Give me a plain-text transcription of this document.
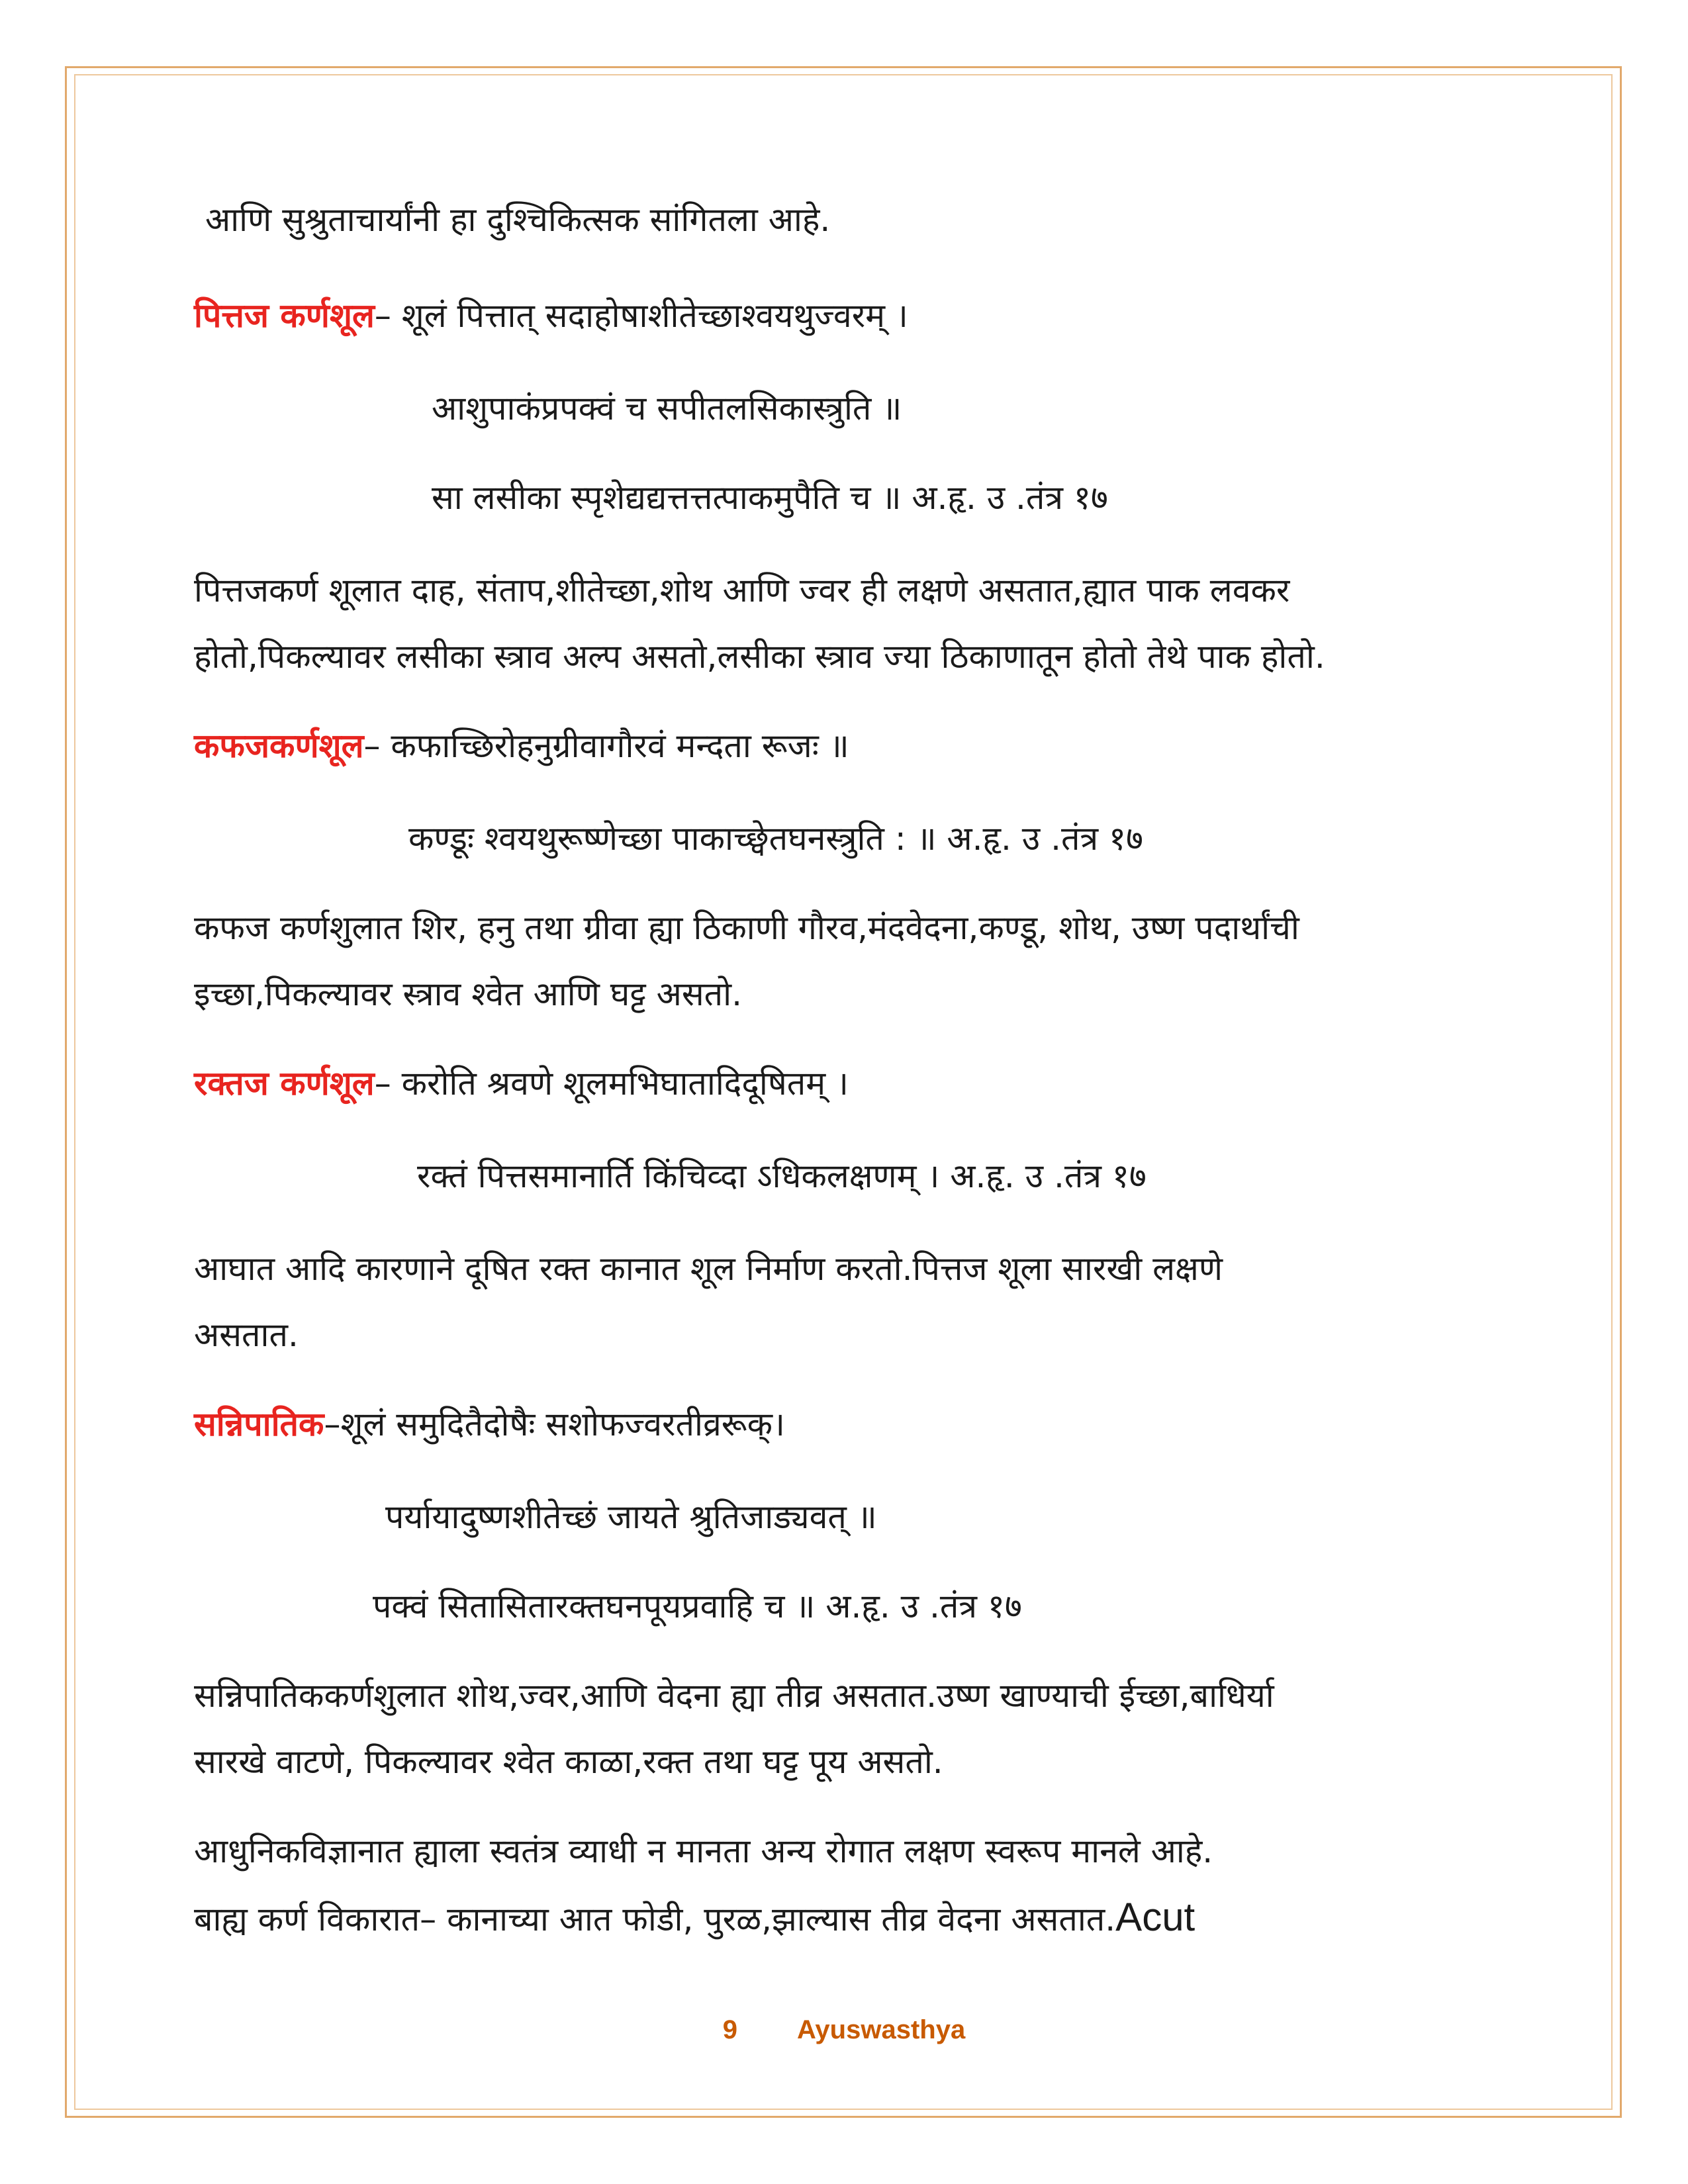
आणि सुश्रुताचार्यांनी हा दुश्चिकित्सक सांगितला आहे.
पित्तज कर्णशूल– शूलं पित्तात् सदाहोषाशीतेच्छाश्वयथुज्वरम् ।
आशुपाकंप्रपक्वं च सपीतलसिकास्त्रुति ॥
सा लसीका स्पृशेद्यद्यत्तत्तत्पाकमुपैति च ॥ अ.हृ. उ .तंत्र १७
पित्तजकर्ण शूलात दाह, संताप,शीतेच्छा,शोथ आणि ज्वर ही लक्षणे असतात,ह्यात पाक लवकर
होतो,पिकल्यावर लसीका स्त्राव अल्प असतो,लसीका स्त्राव ज्या ठिकाणातून होतो तेथे पाक होतो.
कफजकर्णशूल– कफाच्छिरोहनुग्रीवागौरवं मन्दता रूजः ॥
कण्डूः श्वयथुरूष्णेच्छा पाकाच्छ्वेतघनस्त्रुति : ॥ अ.हृ. उ .तंत्र १७
कफज कर्णशुलात शिर, हनु तथा ग्रीवा ह्या ठिकाणी गौरव,मंदवेदना,कण्डू, शोथ, उष्ण पदार्थांची
इच्छा,पिकल्यावर स्त्राव श्वेत आणि घट्ट असतो.
रक्तज कर्णशूल– करोति श्रवणे शूलमभिघातादिदूषितम् ।
रक्तं पित्तसमानार्ति किंचिव्दा ऽधिकलक्षणम् । अ.हृ. उ .तंत्र १७
आघात आदि कारणाने दूषित रक्त कानात शूल निर्माण करतो.पित्तज शूला सारखी लक्षणे
असतात.
सन्निपातिक–शूलं समुदितैदोषैः सशोफज्वरतीव्ररूक्।
पर्यायादुष्णशीतेच्छं जायते श्रुतिजाड्यवत् ॥
पक्वं सितासितारक्तघनपूयप्रवाहि च ॥ अ.हृ. उ .तंत्र १७
सन्निपातिककर्णशुलात शोथ,ज्वर,आणि वेदना ह्या तीव्र असतात.उष्ण खाण्याची ईच्छा,बाधिर्या
सारखे वाटणे, पिकल्यावर श्वेत काळा,रक्त तथा घट्ट पूय असतो.
आधुनिकविज्ञानात ह्याला स्वतंत्र व्याधी न मानता अन्य रोगात लक्षण स्वरूप मानले आहे.
बाह्य कर्ण विकारात– कानाच्या आत फोडी, पुरळ,झाल्यास तीव्र वेदना असतात.Acut
9 Ayuswasthya
